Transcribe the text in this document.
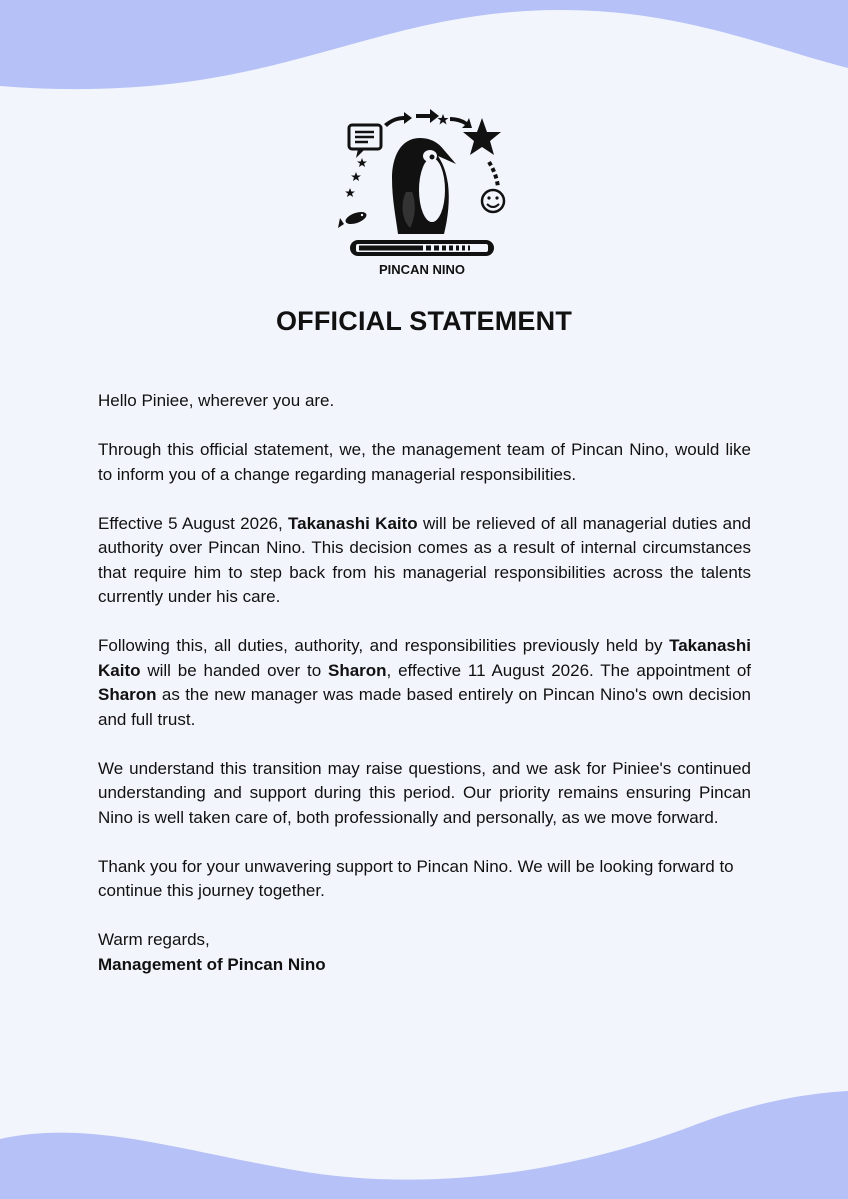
PINCAN NINO
OFFICIAL STATEMENT

Hello Piniee, wherever you are.

Through this official statement, we, the management team of Pincan Nino, would like to inform you of a change regarding managerial responsibilities.

Effective 5 August 2026, Takanashi Kaito will be relieved of all managerial duties and authority over Pincan Nino. This decision comes as a result of internal circumstances that require him to step back from his managerial responsibilities across the talents currently under his care.

Following this, all duties, authority, and responsibilities previously held by Takanashi Kaito will be handed over to Sharon, effective 11 August 2026. The appointment of Sharon as the new manager was made based entirely on Pincan Nino's own decision and full trust.

We understand this transition may raise questions, and we ask for Piniee's continued understanding and support during this period. Our priority remains ensuring Pincan Nino is well taken care of, both professionally and personally, as we move forward.

Thank you for your unwavering support to Pincan Nino. We will be looking forward to continue this journey together.

Warm regards,
Management of Pincan Nino
